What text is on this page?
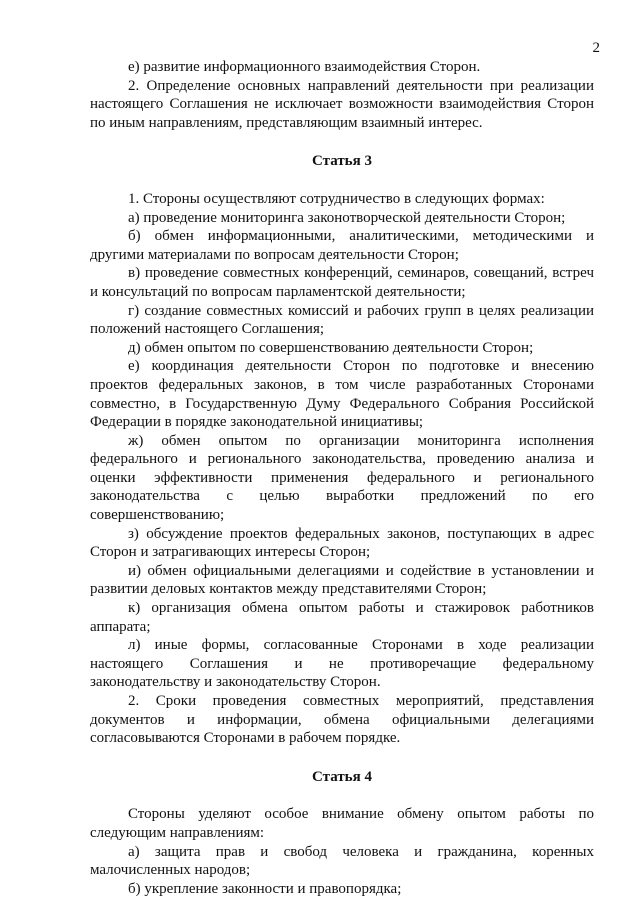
2

е) развитие информационного взаимодействия Сторон.

2. Определение основных направлений деятельности при реализации настоящего Соглашения не исключает возможности взаимодействия Сторон по иным направлениям, представляющим взаимный интерес.

Статья 3

1. Стороны осуществляют сотрудничество в следующих формах:

а) проведение мониторинга законотворческой деятельности Сторон;

б) обмен информационными, аналитическими, методическими и другими материалами по вопросам деятельности Сторон;

в) проведение совместных конференций, семинаров, совещаний, встреч и консультаций по вопросам парламентской деятельности;

г) создание совместных комиссий и рабочих групп в целях реализации положений настоящего Соглашения;

д) обмен опытом по совершенствованию деятельности Сторон;

е) координация деятельности Сторон по подготовке и внесению проектов федеральных законов, в том числе разработанных Сторонами совместно, в Государственную Думу Федерального Собрания Российской Федерации в порядке законодательной инициативы;

ж) обмен опытом по организации мониторинга исполнения федерального и регионального законодательства, проведению анализа и оценки эффективности применения федерального и регионального законодательства с целью выработки предложений по его совершенствованию;

з) обсуждение проектов федеральных законов, поступающих в адрес Сторон и затрагивающих интересы Сторон;

и) обмен официальными делегациями и содействие в установлении и развитии деловых контактов между представителями Сторон;

к) организация обмена опытом работы и стажировок работников аппарата;

л) иные формы, согласованные Сторонами в ходе реализации настоящего Соглашения и не противоречащие федеральному законодательству и законодательству Сторон.

2. Сроки проведения совместных мероприятий, представления документов и информации, обмена официальными делегациями согласовываются Сторонами в рабочем порядке.

Статья 4

Стороны уделяют особое внимание обмену опытом работы по следующим направлениям:

а) защита прав и свобод человека и гражданина, коренных малочисленных народов;

б) укрепление законности и правопорядка;
